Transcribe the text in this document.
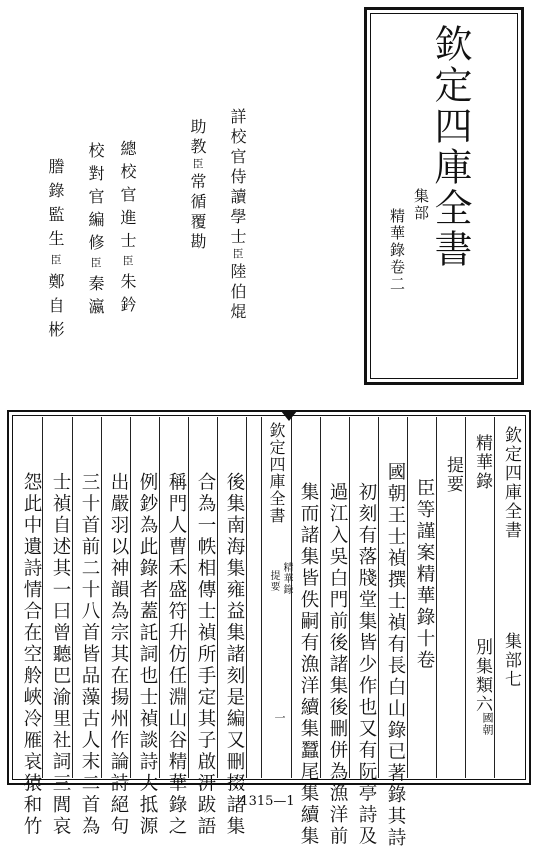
欽定四庫全書
集部
精華錄卷二
詳校官侍讀學士臣陸伯焜
助教臣常循覆勘
總校官進士臣朱鈐
校對官編修臣秦瀛
謄錄監生臣鄭自彬
欽定四庫全書
集部七
精華錄
別集類六
國朝
提要
欽定四庫全書
精華錄
提要
一
臣等謹案精華錄十卷
國朝王士禎撰士禎有長白山錄已著錄其詩
初刻有落牋堂集皆少作也又有阮亭詩及
過江入吳白門前後諸集後刪併為漁洋前
集而諸集皆佚嗣有漁洋續集蠶尾集續集
後集南海集雍益集諸刻是編又刪掇諸集
合為一帙相傳士禎所手定其子啟汧跋語
稱門人曹禾盛符升仿任淵山谷精華錄之
例鈔為此錄者蓋託詞也士禎談詩大抵源
出嚴羽以神韻為宗其在揚州作論詩絕句
三十首前二十八首皆品藻古人末二首為
士禎自述其一曰曾聽巴渝里社詞三閭哀
怨此中遺詩情合在空舲峽冷雁哀猿和竹	1315—1
